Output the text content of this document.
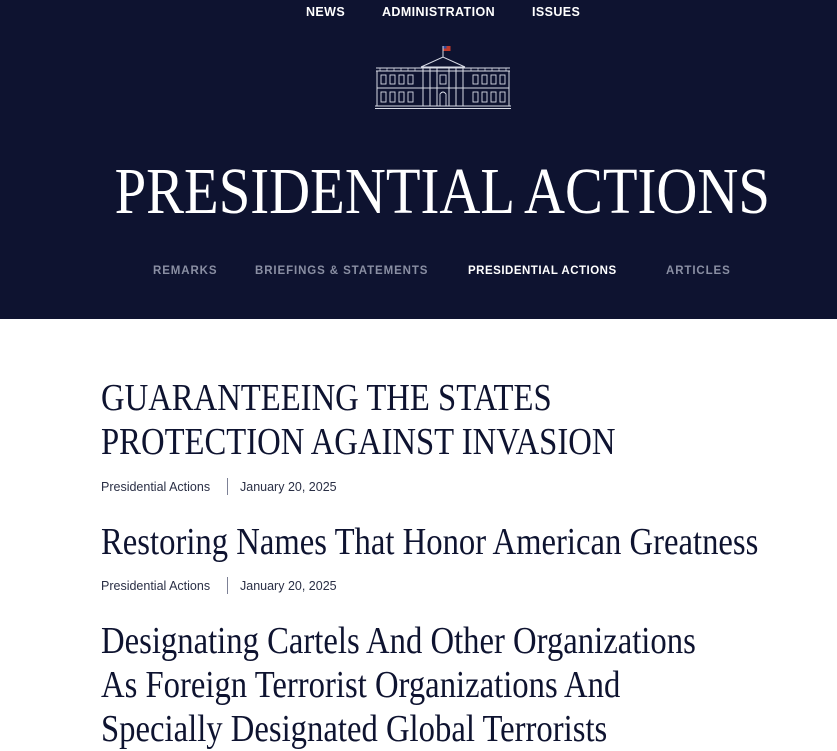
NEWS	ADMINISTRATION	ISSUES
PRESIDENTIAL ACTIONS
REMARKS	BRIEFINGS & STATEMENTS	PRESIDENTIAL ACTIONS	ARTICLES
GUARANTEEING THE STATES
PROTECTION AGAINST INVASION
Presidential Actions January 20, 2025
Restoring Names That Honor American Greatness
Presidential Actions January 20, 2025
Designating Cartels And Other Organizations
As Foreign Terrorist Organizations And
Specially Designated Global Terrorists
